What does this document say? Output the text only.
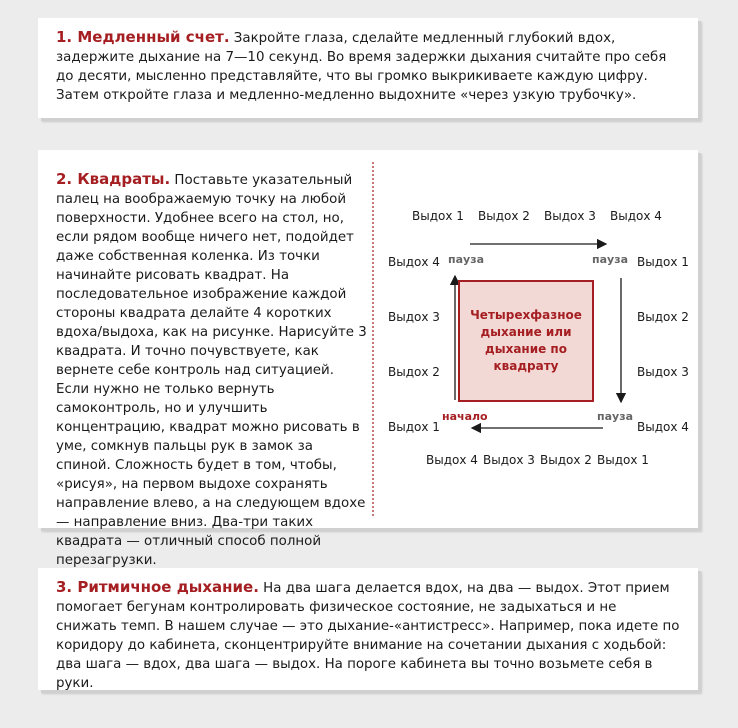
1. Медленный счет. Закройте глаза, сделайте медленный глубокий вдох, задержите дыхание на 7—10 секунд. Во время задержки дыхания считайте про себя до десяти, мысленно представляйте, что вы громко выкрикиваете каждую цифру. Затем откройте глаза и медленно-медленно выдохните «через узкую трубочку».

2. Квадраты. Поставьте указательный палец на воображаемую точку на любой поверхности. Удобнее всего на стол, но, если рядом вообще ничего нет, подойдет даже собственная коленка. Из точки начинайте рисовать квадрат. На последовательное изображение каждой стороны квадрата делайте 4 коротких вдоха/выдоха, как на рисунке. Нарисуйте 3 квадрата. И точно почувствуете, как вернете себе контроль над ситуацией. Если нужно не только вернуть самоконтроль, но и улучшить концентрацию, квадрат можно рисовать в уме, сомкнув пальцы рук в замок за спиной. Сложность будет в том, чтобы, «рисуя», на первом выдохе сохранять направление влево, а на следующем вдохе — направление вниз. Два-три таких квадрата — отличный способ полной перезагрузки.

Выдох 1 Выдох 2 Выдох 3 Выдох 4
Выдох 1
Выдох 2
Выдох 3
Выдох 4
Выдох 4 Выдох 3 Выдох 2 Выдох 1
Выдох 4
Выдох 3
Выдох 2
Выдох 1
пауза	пауза
пауза
начало
Четырехфазное дыхание или дыхание по квадрату

3. Ритмичное дыхание. На два шага делается вдох, на два — выдох. Этот прием помогает бегунам контролировать физическое состояние, не задыхаться и не снижать темп. В нашем случае — это дыхание-«антистресс». Например, пока идете по коридору до кабинета, сконцентрируйте внимание на сочетании дыхания с ходьбой: два шага — вдох, два шага — выдох. На пороге кабинета вы точно возьмете себя в руки.
